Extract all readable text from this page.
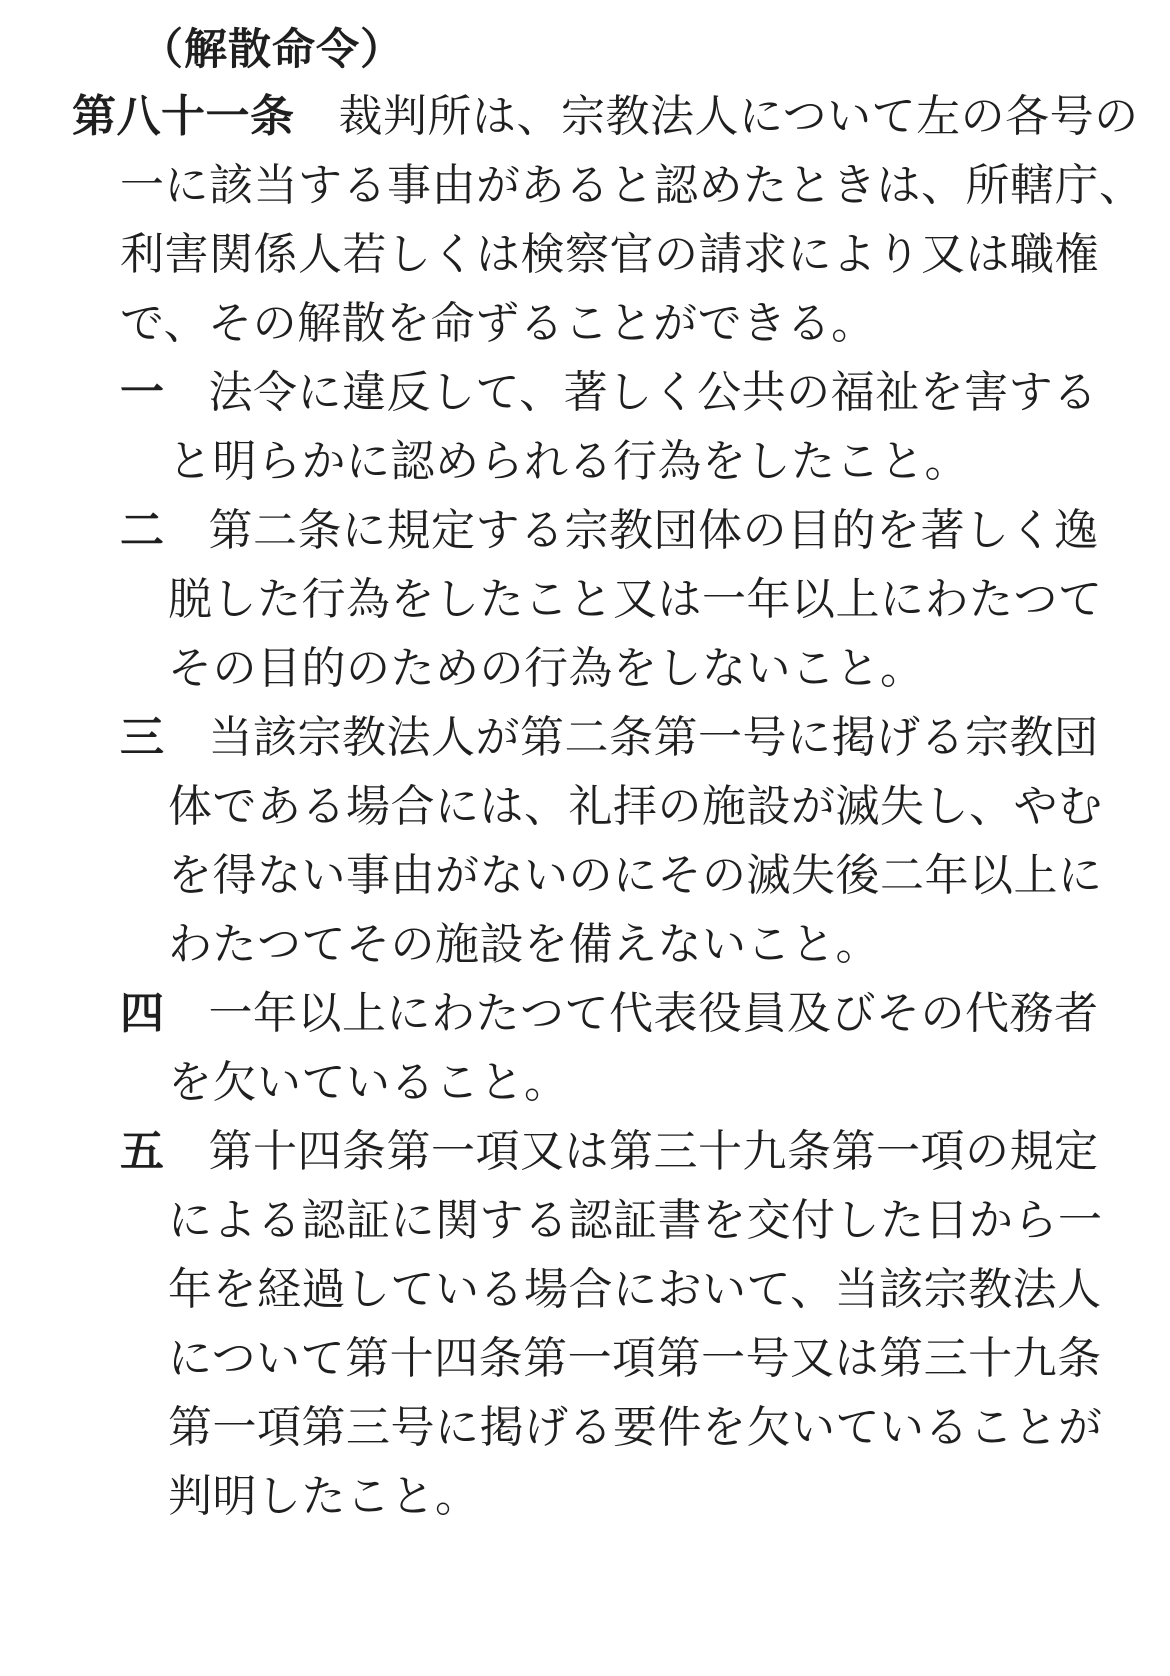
（解散命令）
第八十一条 裁判所は、宗教法人について左の各号の一に該当する事由があると認めたときは、所轄庁、利害関係人若しくは検察官の請求により又は職権で、その解散を命ずることができる。
一 法令に違反して、著しく公共の福祉を害すると明らかに認められる行為をしたこと。
二 第二条に規定する宗教団体の目的を著しく逸脱した行為をしたこと又は一年以上にわたつてその目的のための行為をしないこと。
三 当該宗教法人が第二条第一号に掲げる宗教団体である場合には、礼拝の施設が滅失し、やむを得ない事由がないのにその滅失後二年以上にわたつてその施設を備えないこと。
四 一年以上にわたつて代表役員及びその代務者を欠いていること。
五 第十四条第一項又は第三十九条第一項の規定による認証に関する認証書を交付した日から一年を経過している場合において、当該宗教法人について第十四条第一項第一号又は第三十九条第一項第三号に掲げる要件を欠いていることが判明したこと。
